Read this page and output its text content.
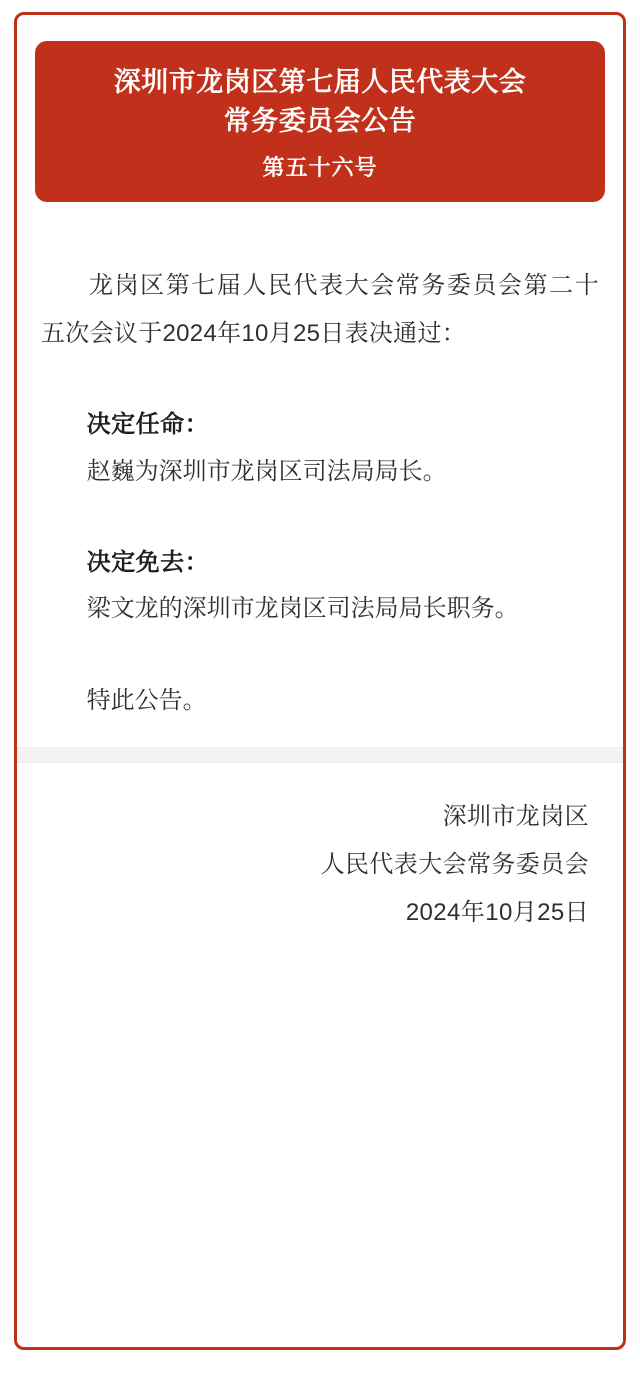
深圳市龙岗区第七届人民代表大会
常务委员会公告
第五十六号
龙岗区第七届人民代表大会常务委员会第二十五次会议于2024年10月25日表决通过：
决定任命：
赵巍为深圳市龙岗区司法局局长。
决定免去：
梁文龙的深圳市龙岗区司法局局长职务。
特此公告。
深圳市龙岗区
人民代表大会常务委员会
2024年10月25日
